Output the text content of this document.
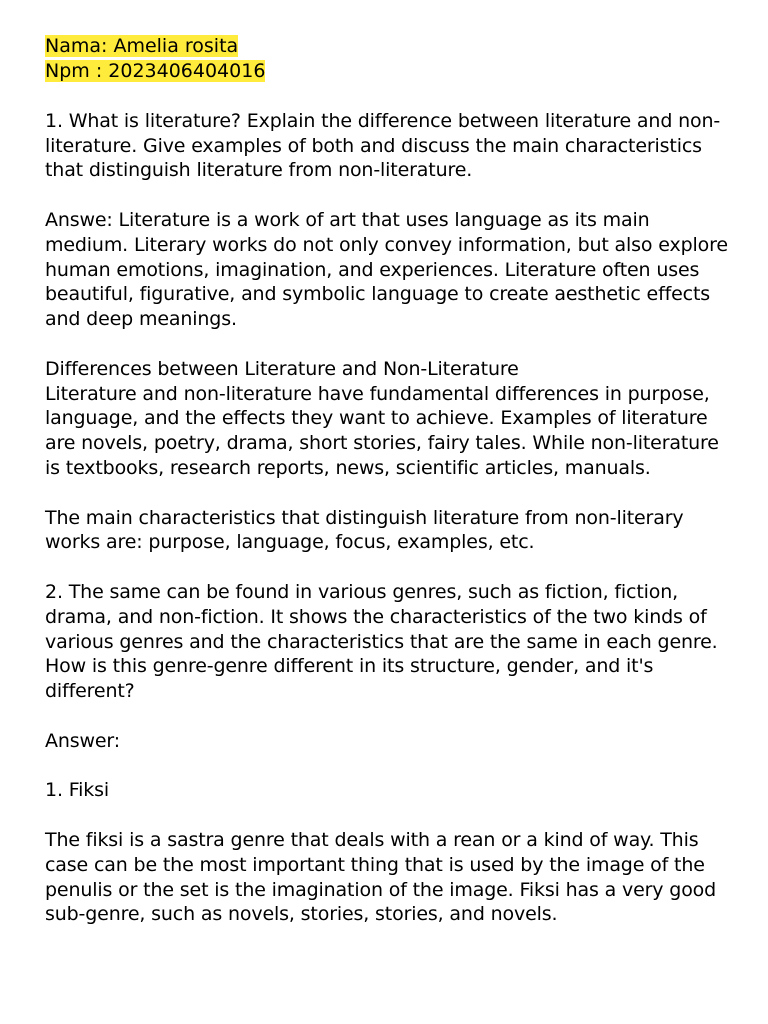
Nama: Amelia rosita
Npm : 2023406404016

1. What is literature? Explain the difference between literature and non-literature. Give examples of both and discuss the main characteristics that distinguish literature from non-literature.

Answe: Literature is a work of art that uses language as its main medium. Literary works do not only convey information, but also explore human emotions, imagination, and experiences. Literature often uses beautiful, figurative, and symbolic language to create aesthetic effects and deep meanings.

Differences between Literature and Non-Literature

Literature and non-literature have fundamental differences in purpose, language, and the effects they want to achieve. Examples of literature are novels, poetry, drama, short stories, fairy tales. While non-literature is textbooks, research reports, news, scientific articles, manuals.

The main characteristics that distinguish literature from non-literary works are: purpose, language, focus, examples, etc.

2. The same can be found in various genres, such as fiction, fiction, drama, and non-fiction. It shows the characteristics of the two kinds of various genres and the characteristics that are the same in each genre. How is this genre-genre different in its structure, gender, and it's different?

Answer:

1. Fiksi

The fiksi is a sastra genre that deals with a rean or a kind of way. This case can be the most important thing that is used by the image of the penulis or the set is the imagination of the image. Fiksi has a very good sub-genre, such as novels, stories, stories, and novels.
